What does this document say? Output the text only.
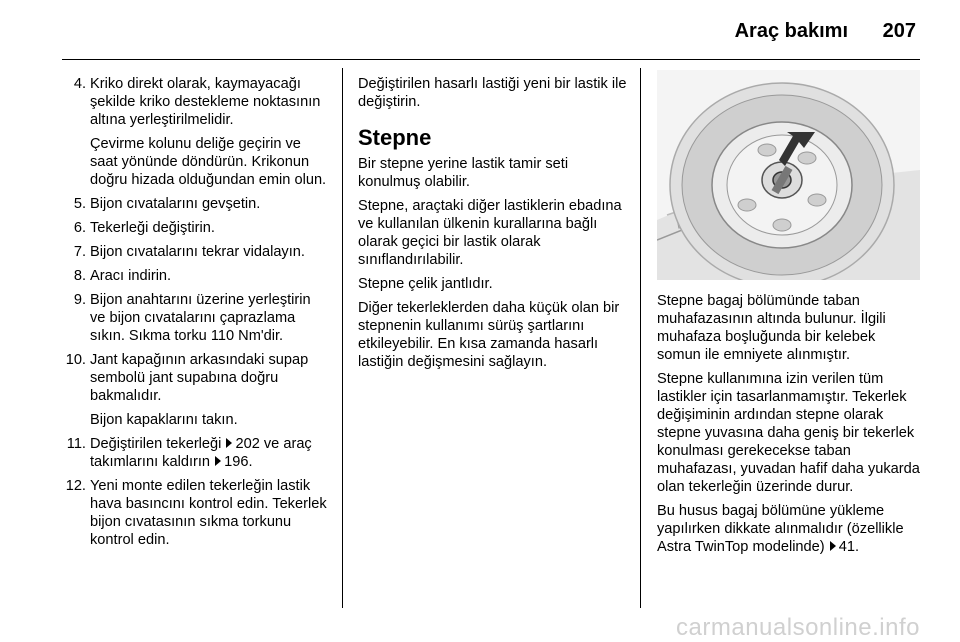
Araç bakımı 207
4. Kriko direkt olarak, kaymayacağı şekilde kriko destekleme noktasının altına yerleştirilmelidir.
Çevirme kolunu deliğe geçirin ve saat yönünde döndürün. Krikonun doğru hizada olduğundan emin olun.
5. Bijon cıvatalarını gevşetin.
6. Tekerleği değiştirin.
7. Bijon cıvatalarını tekrar vidalayın.
8. Aracı indirin.
9. Bijon anahtarını üzerine yerleştirin ve bijon cıvatalarını çaprazlama sıkın. Sıkma torku 110 Nm'dir.
10. Jant kapağının arkasındaki supap sembolü jant supabına doğru bakmalıdır.
Bijon kapaklarını takın.
11. Değiştirilen tekerleği 202 ve araç takımlarını kaldırın 196.
12. Yeni monte edilen tekerleğin lastik hava basıncını kontrol edin. Tekerlek bijon cıvatasının sıkma torkunu kontrol edin.

Değiştirilen hasarlı lastiği yeni bir lastik ile değiştirin.

Stepne

Bir stepne yerine lastik tamir seti konulmuş olabilir.

Stepne, araçtaki diğer lastiklerin ebadına ve kullanılan ülkenin kurallarına bağlı olarak geçici bir lastik olarak sınıflandırılabilir.

Stepne çelik jantlıdır.

Diğer tekerleklerden daha küçük olan bir stepnenin kullanımı sürüş şartlarını etkileyebilir. En kısa zamanda hasarlı lastiğin değişmesini sağlayın.

Stepne bagaj bölümünde taban muhafazasının altında bulunur. İlgili muhafaza boşluğunda bir kelebek somun ile emniyete alınmıştır.

Stepne kullanımına izin verilen tüm lastikler için tasarlanmamıştır. Tekerlek değişiminin ardından stepne olarak stepne yuvasına daha geniş bir tekerlek konulması gerekecekse taban muhafazası, yuvadan hafif daha yukarda olan tekerleğin üzerinde durur.

Bu husus bagaj bölümüne yükleme yapılırken dikkate alınmalıdır (özellikle Astra TwinTop modelinde) 41.

carmanualsonline.info
